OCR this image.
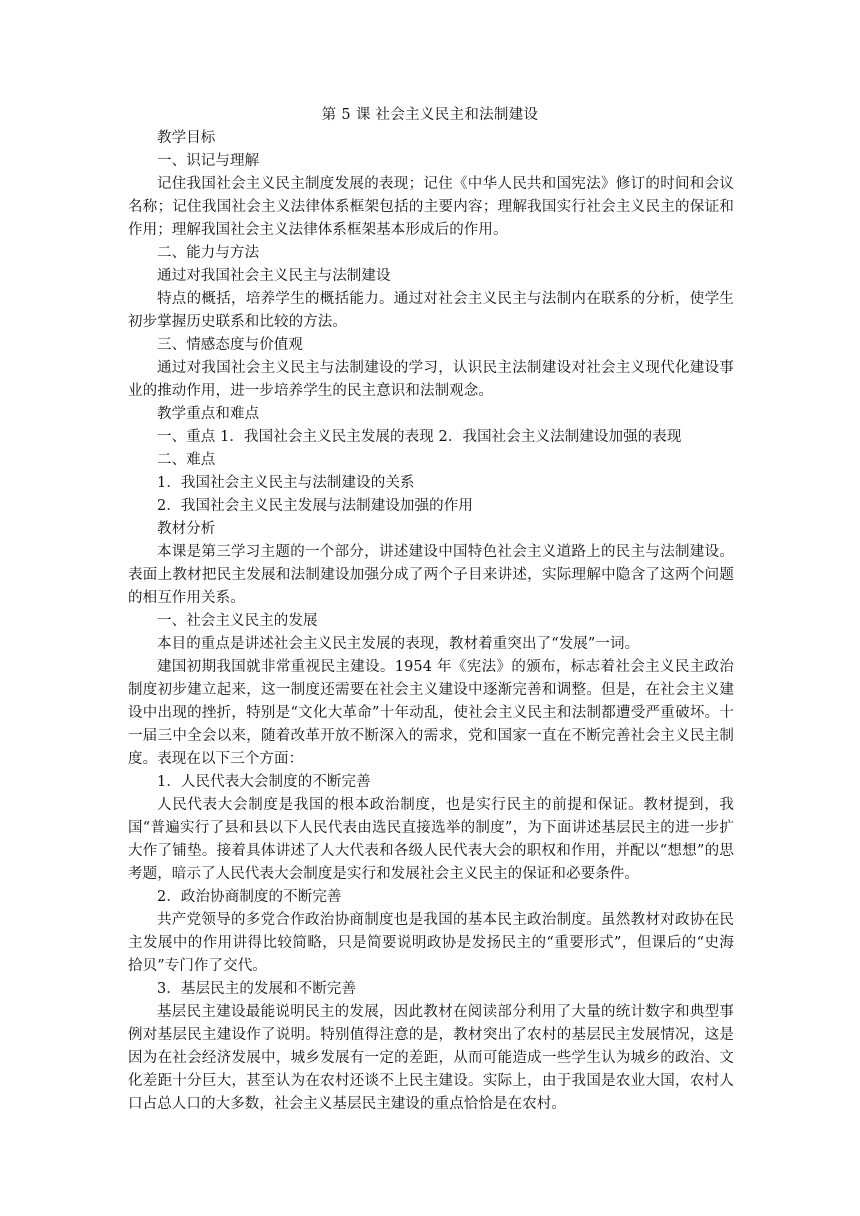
第 5 课 社会主义民主和法制建设

教学目标

一、识记与理解

记住我国社会主义民主制度发展的表现；记住《中华人民共和国宪法》修订的时间和会议名称；记住我国社会主义法律体系框架包括的主要内容；理解我国实行社会主义民主的保证和作用；理解我国社会主义法律体系框架基本形成后的作用。

二、能力与方法

通过对我国社会主义民主与法制建设

特点的概括，培养学生的概括能力。通过对社会主义民主与法制内在联系的分析，使学生初步掌握历史联系和比较的方法。

三、情感态度与价值观

通过对我国社会主义民主与法制建设的学习，认识民主法制建设对社会主义现代化建设事业的推动作用，进一步培养学生的民主意识和法制观念。

教学重点和难点

一、重点 1．我国社会主义民主发展的表现 2．我国社会主义法制建设加强的表现

二、难点

1．我国社会主义民主与法制建设的关系

2．我国社会主义民主发展与法制建设加强的作用

教材分析

本课是第三学习主题的一个部分，讲述建设中国特色社会主义道路上的民主与法制建设。表面上教材把民主发展和法制建设加强分成了两个子目来讲述，实际理解中隐含了这两个问题的相互作用关系。

一、社会主义民主的发展

本目的重点是讲述社会主义民主发展的表现，教材着重突出了“发展”一词。

建国初期我国就非常重视民主建设。1954 年《宪法》的颁布，标志着社会主义民主政治制度初步建立起来，这一制度还需要在社会主义建设中逐渐完善和调整。但是，在社会主义建设中出现的挫折，特别是“文化大革命”十年动乱，使社会主义民主和法制都遭受严重破坏。十一届三中全会以来，随着改革开放不断深入的需求，党和国家一直在不断完善社会主义民主制度。表现在以下三个方面：

1．人民代表大会制度的不断完善

人民代表大会制度是我国的根本政治制度，也是实行民主的前提和保证。教材提到，我国“普遍实行了县和县以下人民代表由选民直接选举的制度”，为下面讲述基层民主的进一步扩大作了铺垫。接着具体讲述了人大代表和各级人民代表大会的职权和作用，并配以“想想”的思考题，暗示了人民代表大会制度是实行和发展社会主义民主的保证和必要条件。

2．政治协商制度的不断完善

共产党领导的多党合作政治协商制度也是我国的基本民主政治制度。虽然教材对政协在民主发展中的作用讲得比较简略，只是简要说明政协是发扬民主的“重要形式”，但课后的“史海拾贝”专门作了交代。

3．基层民主的发展和不断完善

基层民主建设最能说明民主的发展，因此教材在阅读部分利用了大量的统计数字和典型事例对基层民主建设作了说明。特别值得注意的是，教材突出了农村的基层民主发展情况，这是因为在社会经济发展中，城乡发展有一定的差距，从而可能造成一些学生认为城乡的政治、文化差距十分巨大，甚至认为在农村还谈不上民主建设。实际上，由于我国是农业大国，农村人口占总人口的大多数，社会主义基层民主建设的重点恰恰是在农村。
